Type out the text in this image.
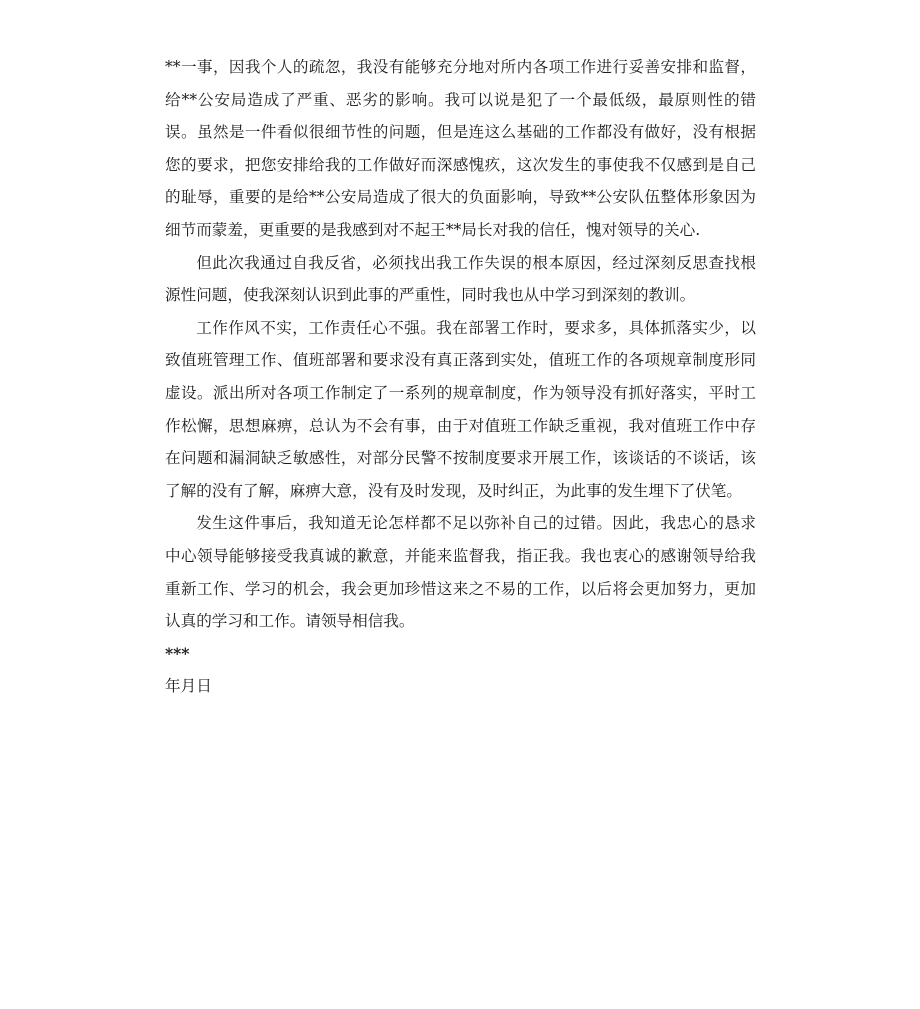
**一事，因我个人的疏忽，我没有能够充分地对所内各项工作进行妥善安排和监督，给**公安局造成了严重、恶劣的影响。我可以说是犯了一个最低级，最原则性的错误。虽然是一件看似很细节性的问题，但是连这么基础的工作都没有做好，没有根据您的要求，把您安排给我的工作做好而深感愧疚，这次发生的事使我不仅感到是自己的耻辱，重要的是给**公安局造成了很大的负面影响，导致**公安队伍整体形象因为细节而蒙羞，更重要的是我感到对不起王**局长对我的信任，愧对领导的关心.

但此次我通过自我反省，必须找出我工作失误的根本原因，经过深刻反思查找根源性问题，使我深刻认识到此事的严重性，同时我也从中学习到深刻的教训。

工作作风不实，工作责任心不强。我在部署工作时，要求多，具体抓落实少，以致值班管理工作、值班部署和要求没有真正落到实处，值班工作的各项规章制度形同虚设。派出所对各项工作制定了一系列的规章制度，作为领导没有抓好落实，平时工作松懈，思想麻痹，总认为不会有事，由于对值班工作缺乏重视，我对值班工作中存在问题和漏洞缺乏敏感性，对部分民警不按制度要求开展工作，该谈话的不谈话，该了解的没有了解，麻痹大意，没有及时发现，及时纠正，为此事的发生埋下了伏笔。

发生这件事后，我知道无论怎样都不足以弥补自己的过错。因此，我忠心的恳求中心领导能够接受我真诚的歉意，并能来监督我，指正我。我也衷心的感谢领导给我重新工作、学习的机会，我会更加珍惜这来之不易的工作，以后将会更加努力，更加认真的学习和工作。请领导相信我。

***

年月日
